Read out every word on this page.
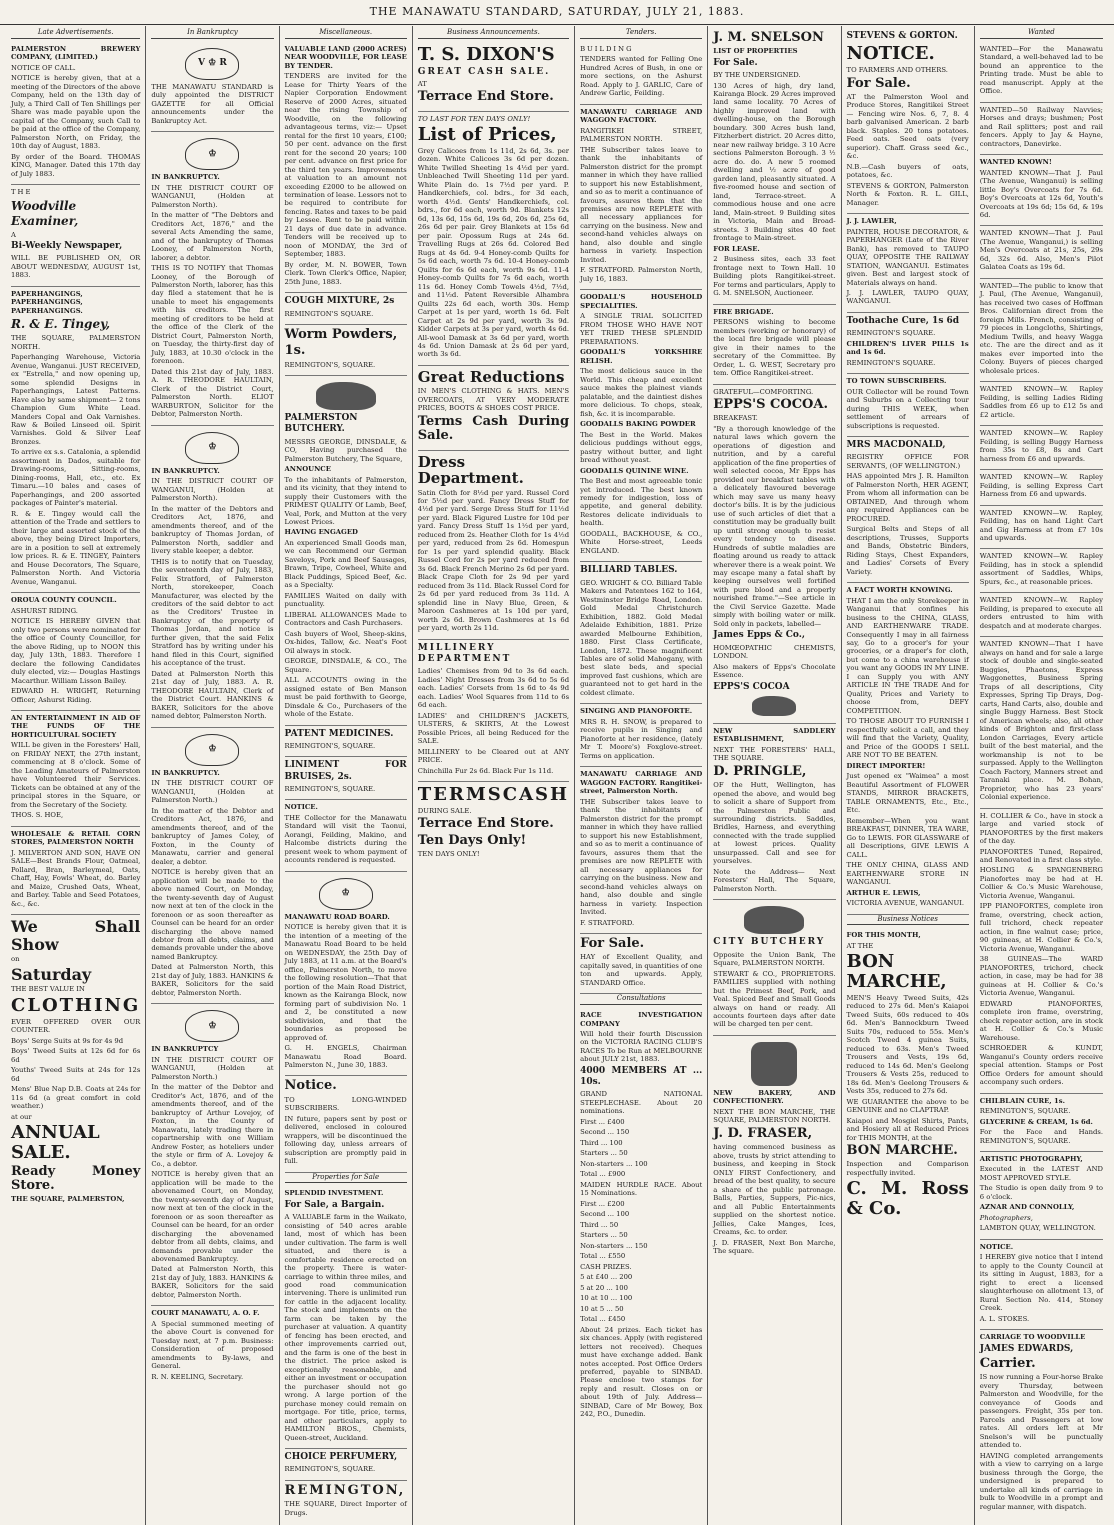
THE MANAWATU STANDARD, SATURDAY, JULY 21, 1883.
Late Advertisements.

PALMERSTON BREWERY COMPANY, (LIMITED.)

NOTICE OF CALL.

NOTICE is hereby given, that at a meeting of the Directors of the above Company, held on the 13th day of July, a Third Call of Ten Shillings per Share was made payable upon the capital of the Company, such Call to be paid at the office of the Company, Palmerston North, on Friday, the 10th day of August, 1883.

By order of the Board. THOMAS KING, Manager. Dated this 17th day of July 1883.

THE

Woodville Examiner,

A

Bi-Weekly Newspaper,

WILL BE PUBLISHED ON, OR ABOUT WEDNESDAY, AUGUST 1st, 1883.

PAPERHANGINGS, PAPERHANGINGS, PAPERHANGINGS.

R. & E. Tingey,

THE SQUARE, PALMERSTON NORTH.

Paperhanging Warehouse, Victoria Avenue, Wanganui. JUST RECEIVED, ex "Estrella," and now opening up, some splendid Designs in Paperhangings, Latest Patterns. Have also by same shipment— 2 tons Champion Gum White Lead. Manders Copal and Oak Varnishes. Raw & Boiled Linseed oil. Spirit Varnishes. Gold & Silver Leaf Bronzes.

To arrive ex s.s. Catalonia, a splendid assortment in Dados, suitable for Drawing-rooms, Sitting-rooms, Dining-rooms, Hall, etc., etc. Ex Timaru.—10 bales and cases of Paperhangings, and 200 assorted packages of Painter's material.

R. & E. Tingey would call the attention of the Trade and settlers to their large and assorted stock of the above, they being Direct Importers, are in a position to sell at extremely low prices. R. & E. TINGEY, Painters and House Decorators, The Square, Palmerston North. And Victoria Avenue, Wanganui.

OROUA COUNTY COUNCIL.

ASHURST RIDING.

NOTICE IS HEREBY GIVEN that only two persons were nominated for the office of County Councillor, for the above Riding, up to NOON this day, July 13th, 1883. Therefore I declare the following Candidates duly elected, viz:— Douglas Hastings Macarthur. William Lisson Bailey.

EDWARD H. WRIGHT, Returning Officer, Ashurst Riding.

AN ENTERTAINMENT IN AID OF THE FUNDS OF THE HORTICULTURAL SOCIETY

WILL be given in the Foresters' Hall, on FRIDAY NEXT, the 27th instant, commencing at 8 o'clock. Some of the Leading Amateurs of Palmerston have Volunteered their Services. Tickets can be obtained at any of the principal stores in the Square, or from the Secretary of the Society.

THOS. S. HOE,

WHOLESALE & RETAIL CORN STORES, PALMERSTON NORTH

J. MILVERTON AND SON, HAVE ON SALE—Best Brands Flour, Oatmeal, Pollard, Bran, Barleymeal, Oats, Chaff, Hay, Fowls' Wheat, do. Barley and Maize, Crushed Oats, Wheat, and Barley. Table and Seed Potatoes, &c., &c.

We Shall Show

on

Saturday

THE BEST VALUE IN

CLOTHING

EVER OFFERED OVER OUR COUNTER.

Boys' Serge Suits at 9s for 4s 9d

Boys' Tweed Suits at 12s 6d for 6s 6d

Youths' Tweed Suits at 24s for 12s 6d

Mens' Blue Nap D.B. Coats at 24s for 11s 6d (a great comfort in cold weather.)

at our

ANNUAL SALE.

Ready Money Store.

THE SQUARE, PALMERSTON,

In Bankruptcy
V ♔ R

THE MANAWATU STANDARD is duly appointed the DISTRICT GAZETTE for all Official announcements under the Bankruptcy Act.

♔

IN BANKRUPTCY.

IN THE DISTRICT COURT OF WANGANUI, (Holden at Palmerston North).

In the matter of "The Debtors and Creditors Act, 1876," and the several Acts Amending the same, and of the bankruptcy of Thomas Looney, of Palmerston North, laborer, a debtor.

THIS IS TO NOTIFY that Thomas Looney, of the Borough of Palmerston North, laborer, has this day filed a statement that he is unable to meet his engagements with his creditors. The first meeting of creditors to be held at the office of the Clerk of the District Court, Palmerston North, on Tuesday, the thirty-first day of July, 1883, at 10.30 o'clock in the forenoon.

Dated this 21st day of July, 1883. A. R. THEODORE HAULTAIN, Clerk of the District Court, Palmerston North. ELIOT WARBURTON, Solicitor for the Debtor, Palmerston North.

♔

IN BANKRUPTCY.

IN THE DISTRICT COURT OF WANGANUI, (Holden at Palmerston North).

In the matter of the Debtors and Creditors Act, 1876, and amendments thereof, and of the bankruptcy of Thomas Jordan, of Palmerston North, saddler and livery stable keeper, a debtor.

THIS is to notify that on Tuesday, the seventeenth day of July, 1883, Felix Stratford, of Palmerston North, storekeeper, Coach Manufacturer, was elected by the creditors of the said debtor to act as the Creditors' Trustee in Bankruptcy of the property of Thomas Jordan, and notice is further given, that the said Felix Stratford has by writing under his hand filed in this Court, signified his acceptance of the trust.

Dated at Palmerston North this 21st day of July, 1883. A. R. THEODORE HAULTAIN, Clerk of the District Court. HANKINS & BAKER, Solicitors for the above named debtor, Palmerston North.

♔

IN BANKRUPTCY.

IN THE DISTRICT COURT OF WANGANUI, (Holden at Palmerston North.)

In the matter of the Debtor and Creditors Act, 1876, and amendments thereof, and of the bankruptcy of James Coley, of Foxton, in the County of Manawatu, carrier and general dealer, a debtor.

NOTICE is hereby given that an application will be made to the above named Court, on Monday, the twenty-seventh day of August now next at ten of the clock in the forenoon or as soon thereafter as Counsel can be heard for an order discharging the above named debtor from all debts, claims, and demands provable under the above named Bankruptcy.

Dated at Palmerston North, this 21st day of July, 1883. HANKINS & BAKER, Solicitors for the said debtor, Palmerston North.

♔

IN BANKRUPTCY

IN THE DISTRICT COURT OF WANGANUI, (Holden at Palmerston North.)

In the matter of the Debtor and Creditor's Act, 1876, and of the amendments thereof, and of the bankruptcy of Arthur Lovejoy, of Foxton, in the County of Manawatu, lately trading there in copartnership with one William Andrew Foster, as hoteliers under the style or firm of A. Lovejoy & Co., a debtor.

NOTICE is hereby given that an application will be made to the abovenamed Court, on Monday, the twenty-seventh day of August, now next at ten of the clock in the forenoon or as soon thereafter as Counsel can be heard, for an order discharging the abovenamed debtor from all debts, claims, and demands provable under the abovenamed Bankruptcy.

Dated at Palmerston North, this 21st day of July, 1883. HANKINS & BAKER, Solicitors for the said debtor, Palmerston North.

COURT MANAWATU, A. O. F.

A Special summoned meeting of the above Court is convened for Tuesday next, at 7 p.m. Business: Consideration of proposed amendments to By-laws, and General.

R. N. KEELING, Secretary.

Miscellaneous.

VALUABLE LAND (2000 ACRES) NEAR WOODVILLE, FOR LEASE BY TENDER.

TENDERS are invited for the Lease for Thirty Years of the Napier Corporation Endowment Reserve of 2000 Acres, situated near the rising Township of Woodville, on the following advantageous terms, viz:— Upset rental for the first 10 years, £100; 50 per cent. advance on the first rent for the second 20 years; 100 per cent. advance on first price for the third ten years. Improvements at valuation to an amount not exceeding £2000 to be allowed on termination of lease. Lessors not to be required to contribute for fencing. Rates and taxes to be paid by Lessee. Rent to be paid within 21 days of due date in advance. Tenders will be received up to noon of MONDAY, the 3rd of September, 1883.

By order, M. N. BOWER, Town Clerk. Town Clerk's Office, Napier, 25th June, 1883.

COUGH MIXTURE, 2s

REMINGTON'S SQUARE.

Worm Powders,

1s.

REMINGTON'S, SQUARE.

PALMERSTON BUTCHERY.

MESSRS GEORGE, DINSDALE, & CO, Having purchased the Palmerston Butchery, The Square,

ANNOUNCE

To the inhabitants of Palmerston, and its vicinity, that they intend to supply their Customers with the PRIMEST QUALITY Of Lamb, Beef, Veal, Pork, and Mutton at the very Lowest Prices.

HAVING ENGAGED

An experienced Small Goods man, we can Recommend our German Saveloys, Pork and Beef Sausages, Brawn, Tripe, Cowheel, White and Black Puddings, Spiced Beef, &c. as a Specialty.

FAMILIES Waited on daily with punctuality.

LIBERAL ALLOWANCES Made to Contractors and Cash Purchasers.

Cash buyers of Wool, Sheep-skins, Ox-hides, Tallow, &c. Neat's Foot Oil always in stock.

GEORGE, DINSDALE, & CO., The Square.

ALL ACCOUNTS owing in the assigned estate of Ben Manson must be paid forthwith to George, Dinsdale & Co., Purchasers of the whole of the Estate.

PATENT MEDICINES.

REMINGTON'S, SQUARE.

LINIMENT FOR BRUISES, 2s.

REMINGTON'S, SQUARE.

NOTICE.

THE Collector for the Manawatu Standard will visit the Taonui, Aorangi, Feilding, Makino, and Halcombe districts during the present week to whom payment of accounts rendered is requested.

♔

MANAWATU ROAD BOARD.

NOTICE is hereby given that it is the intention of a meeting of the Manawatu Road Board to be held on WEDNESDAY, the 25th Day of July 1883, at 11 a.m. at the Board's office, Palmerston North, to move the following resolution—That that portion of the Main Road District, known as the Kairanga Block, now forming part of subdivision No. 1 and 2, be constituted a new subdivision, and that the boundaries as proposed be approved of.

G. H. ENGELS, Chairman Manawatu Road Board. Palmerston N., June 30, 1883.

Notice.

TO LONG-WINDED SUBSCRIBERS.

IN future, papers sent by post or delivered, enclosed in coloured wrappers, will be discontinued the following day, unless arrears of subscription are promptly paid in full.

Properties for Sale

SPLENDID INVESTMENT.

For Sale, a Bargain.

A VALUABLE farm in the Waikato, consisting of 540 acres arable land, most of which has been under cultivation. The farm is well situated, and there is a comfortable residence erected on the property. There is water-carriage to within three miles, and good road communication intervening. There is unlimited run for cattle in the adjacent locality. The stock and implements on the farm can be taken by the purchaser at valuation. A quantity of fencing has been erected, and other improvements carried out, and the farm is one of the best in the district. The price asked is exceptionally reasonable, and either an investment or occupation the purchaser should not go wrong. A large portion of the purchase money could remain on mortgage. For title, price, terms, and other particulars, apply to HAMILTON BROS., Chemists, Queen-street, Auckland.

CHOICE PERFUMERY,

REMINGTON'S, SQUARE.

REMINGTON,

THE SQUARE, Direct Importer of Drugs.

Business Announcements.

T. S. DIXON'S

GREAT CASH SALE.

AT

Terrace End Store.

TO LAST FOR TEN DAYS ONLY!

List of Prices,

Grey Calicoes from 1s 11d, 2s 6d, 3s. per dozen. White Calicoes 3s 6d per dozen. White Twilled Sheeting 1s 4½d per yard. Unbleached Twill Sheeting 11d per yard. White Plain do. 1s 7½d per yard. P. Handkerchiefs, col. bdrs., for 3d each, worth 4½d. Gents' Handkerchiefs, col. bdrs., for 6d each, worth 9d. Blankets 12s 6d, 13s 6d, 15s 6d, 19s 6d, 20s 6d, 25s 6d, 26s 6d per pair. Grey Blankets at 15s 6d per pair. Opossum Rugs at 24s 6d. Travelling Rugs at 26s 6d. Colored Bed Rugs at 4s 6d. 9-4 Honey-comb Quilts for 5s 6d each, worth 7s 6d. 10-4 Honey-comb Quilts for 6s 6d each, worth 9s 6d. 11-4 Honey-comb Quilts for 7s 6d each, worth 11s 6d. Honey Comb Towels 4½d, 7½d, and 11½d. Patent Reversible Alhambra Quilts 22s 6d each, worth 30s. Hemp Carpet at 1s per yard, worth 1s 6d. Felt Carpet at 2s 9d per yard, worth 3s 9d. Kidder Carpets at 3s per yard, worth 4s 6d. All-wool Damask at 3s 6d per yard, worth 4s 6d. Union Damask at 2s 6d per yard, worth 3s 6d.

Great Reductions

IN MEN'S CLOTHING & HATS. MEN'S OVERCOATS, AT VERY MODERATE PRICES, BOOTS & SHOES COST PRICE.

Terms Cash During Sale.

Dress Department.

Satin Cloth for 8½d per yard. Russel Cord for 5½d per yard. Fancy Dress Stuff for 4½d per yard. Serge Dress Stuff for 11½d per yard. Black Figured Lustre for 10d per yard. Fancy Dress Stuff 1s 1½d per yard, reduced from 2s. Heather Cloth for 1s 4½d per yard, reduced from 2s 6d. Homespun for 1s per yard splendid quality. Black Russel Cord for 2s per yard reduced from 3s 6d. Black French Merino 2s 6d per yard. Black Crape Cloth for 2s 9d per yard reduced from 3s 11d. Black Russel Cord for 2s 6d per yard reduced from 3s 11d. A splendid line in Navy Blue, Green, & Maroon Cashmeres at 1s 10d per yard, worth 2s 6d. Brown Cashmeres at 1s 6d per yard, worth 2s 11d.

MILLINERY DEPARTMENT

Ladies' Chemises from 9d to 3s 6d each. Ladies' Night Dresses from 3s 6d to 5s 6d each. Ladies' Corsets from 1s 6d to 4s 9d each. Ladies' Wool Squares from 11d to 6s 6d each.

LADIES' and CHILDREN'S JACKETS, ULSTERS, & SKIRTS, At the Lowest Possible Prices, all being Reduced for the SALE.

MILLINERY to be Cleared out at ANY PRICE.

Chinchilla Fur 2s 6d. Black Fur 1s 11d.

TERMSCASH

DURING SALE.

Terrace End Store.

Ten Days Only!

TEN DAYS ONLY!

Tenders.

BUILDING

TENDERS wanted for Felling One Hundred Acres of Bush, in one or more sections, on the Ashurst Road. Apply to J. GARLIC, Care of Andrew Garlic, Feilding.

MANAWATU CARRIAGE AND WAGGON FACTORY.

RANGITIKEI STREET, PALMERSTON NORTH.

THE Subscriber takes leave to thank the inhabitants of Palmerston district for the prompt manner in which they have rallied to support his new Establishment, and so as to merit a continuance of favours, assures them that the premises are now REPLETE with all necessary appliances for carrying on the business. New and second-hand vehicles always on hand, also double and single harness in variety. Inspection Invited.

F. STRATFORD. Palmerston North, July 16, 1883.

GOODALL'S HOUSEHOLD SPECIALITIES.

A SINGLE TRIAL SOLICITED FROM THOSE WHO HAVE NOT YET TRIED THESE SPLENDID PREPARATIONS.

GOODALL'S YORKSHIRE RELISH.

The most delicious sauce in the World. This cheap and excellent sauce makes the plainest viands palatable, and the daintiest dishes more delicious. To chops, steak, fish, &c. it is incomparable.

GOODALLS BAKING POWDER

The Best in the World. Makes delicious puddings without eggs, pastry without butter, and light bread without yeast.

GOODALLS QUININE WINE.

The Best and most agreeable tonic yet introduced. The best known remedy for indigestion, loss of appetite, and general debility. Restores delicate individuals to health.

GOODALL, BACKHOUSE, & CO., White Horse-street, Leeds ENGLAND.

BILLIARD TABLES.

GEO. WRIGHT & CO. Billiard Table Makers and Patentees 162 to 164, Westminster Bridge Road, London. Gold Medal Christchurch Exhibition, 1882. Gold Medal Adelaide Exhibition, 1881. Prize awarded Melbourne Exhibition, 1880. First Class Certificate, London, 1872. These magnificent Tables are of solid Mahogany, with best slate beds, and special improved fast cushions, which are guaranteed not to get hard in the coldest climate.

SINGING AND PIANOFORTE.

MRS R. H. SNOW, is prepared to receive pupils in Singing and Pianoforte at her residence, (lately Mr T. Moore's) Foxglove-street. Terms on application.

MANAWATU CARRIAGE AND WAGGON FACTORY. Rangitikei-street, Palmerston North.

THE Subscriber takes leave to thank the inhabitants of Palmerston district for the prompt manner in which they have rallied to support his new Establishment, and so as to merit a continuance of favours, assures them that the premises are now REPLETE with all necessary appliances for carrying on the business. New and second-hand vehicles always on hand, also double and single harness in variety. Inspection Invited.

F. STRATFORD.

For Sale.

HAY of Excellent Quality, and capitally saved, in quantities of one ton and upwards. Apply, STANDARD Office.

Consultations

RACE INVESTIGATION COMPANY

Will hold their fourth Discussion on the VICTORIA RACING CLUB'S RACES To be Run at MELBOURNE about JULY 21st, 1883.

4000 MEMBERS AT ... 10s.

GRAND NATIONAL STEEPLECHASE. About 20 nominations.

First ... £400

Second ... 150

Third ... 100

Starters ... 50

Non-starters ... 100

Total ... £900

MAIDEN HURDLE RACE. About 15 Nominations.

First ... £200

Second ... 100

Third ... 50

Starters ... 50

Non-starters ... 150

Total ... £550

CASH PRIZES.

5 at £40 ... 200

5 at 20 ... 100

10 at 10 ... 100

10 at 5 ... 50

Total ... £450

About 24 prizes. Each ticket has six chances. Apply (with registered letters not received). Cheques must have exchange added. Bank notes accepted. Post Office Orders preferred, payable to SINBAD. Please enclose two stamps for reply and result. Closes on or about 19th of July. Address—SINBAD, Care of Mr Bowey, Box 242, P.O., Dunedin.

J. M. SNELSON

LIST OF PROPERTIES

For Sale.

BY THE UNDERSIGNED.

130 Acres of high, dry land, Kairanga Block. 29 Acres improved land same locality. 70 Acres of highly improved land with dwelling-house, on the Borough boundary. 300 Acres bush land, Fitzherbert district. 20 Acres ditto, near new railway bridge. 3 10 Acre sections Palmerston Borough. 3 ½ acre do. do. A new 5 roomed dwelling and ½ acre of good garden land, pleasantly situated. A five-roomed house and section of land, Terrace-street. A commodious house and one acre land, Main-street. 9 Building sites in Victoria, Main and Broad-streets. 3 Building sites 40 feet frontage to Main-street.

FOR LEASE.

2 Business sites, each 33 feet frontage next to Town Hall. 10 Building plots Rangitikei-street. For terms and particulars, Apply to G. M. SNELSON, Auctioneer.

FIRE BRIGADE.

PERSONS wishing to become members (working or honorary) of the local fire brigade will please give in their names to the secretary of the Committee. By Order, L. G. WEST, Secretary pro tem. Office Rangitikei-street.

GRATEFUL—COMFORTING.

EPPS'S COCOA.

BREAKFAST.

"By a thorough knowledge of the natural laws which govern the operations of digestion and nutrition, and by a careful application of the fine properties of well selected cocoa, Mr Epps has provided our breakfast tables with a delicately flavoured beverage which may save us many heavy doctor's bills. It is by the judicious use of such articles of diet that a constitution may be gradually built up until strong enough to resist every tendency to disease. Hundreds of subtle maladies are floating around us ready to attack wherever there is a weak point. We may escape many a fatal shaft by keeping ourselves well fortified with pure blood and a properly nourished frame."—See article in the Civil Service Gazette. Made simply with boiling water or milk. Sold only in packets, labelled—

James Epps & Co.,

HOMŒOPATHIC CHEMISTS, LONDON.

Also makers of Epps's Chocolate Essence.

EPPS'S COCOA

NEW SADDLERY ESTABLISHMENT,

NEXT THE FORESTERS' HALL, THE SQUARE.

D. PRINGLE,

OF the Hutt, Wellington, has opened the above, and would beg to solicit a share of Support from the Palmerston Public and surrounding districts. Saddles, Bridles, Harness, and everything connected with the trade supplied at lowest prices. Quality unsurpassed. Call and see for yourselves.

Note the Address— Next Foresters' Hall, The Square, Palmerston North.

CITY BUTCHERY

Opposite the Union Bank, The Square, PALMERSTON NORTH.

STEWART & CO., PROPRIETORS. FAMILIES supplied with nothing but the Primest Beef, Pork, and Veal. Spiced Beef and Small Goods always on hand or ready. All accounts fourteen days after date will be charged ten per cent.

NEW BAKERY, AND CONFECTIONERY.

NEXT THE BON MARCHE, THE SQUARE, PALMERSTON NORTH.

J. D. FRASER,

having commenced business as above, trusts by strict attending to business, and keeping in Stock ONLY FIRST Confectionery, and bread of the best quality, to secure a share of the public patronage. Balls, Parties, Suppers, Pic-nics, and all Public Entertainments supplied on the shortest notice. Jellies, Cake Manges, Ices, Creams, &c. to order.

J. D. FRASER, Next Bon Marche, The square.

STEVENS & GORTON.

NOTICE.

TO FARMERS AND OTHERS.

For Sale.

AT the Palmerston Wool and Produce Stores, Rangitikei Street — Fencing wire Nos. 6, 7, 8. 4 barb galvanised American. 2 barb black. Staples. 20 tons potatoes. Feed oats. Seed oats (very superior). Chaff. Grass seed &c., &c.

N.B.—Cash buyers of oats, potatoes, &c.

STEVENS & GORTON, Palmerston North & Foxton. R. L. GILL, Manager.

J. J. LAWLER,

PAINTER, HOUSE DECORATOR, & PAPERHANGER (Late of the River Bank), has removed to TAUPO QUAY, OPPOSITE THE RAILWAY STATION, WANGANUI. Estimates given. Best and largest stock of Materials always on hand.

J. J. LAWLER, TAUPO QUAY, WANGANUI.

Toothache Cure, 1s 6d

REMINGTON'S SQUARE.

CHILDREN'S LIVER PILLS 1s and 1s 6d.

REMINGTON'S SQUARE.

TO TOWN SUBSCRIBERS.

OUR Collector will be round Town and Suburbs on a Collecting tour during THIS WEEK, when settlement of arrears of subscriptions is requested.

MRS MACDONALD,

REGISTRY OFFICE FOR SERVANTS, (OF WELLINGTON.)

HAS appointed Mrs J. R. Hamilton of Palmerston North, HER AGENT, From whom all information can be OBTAINED, And through whom any required Appliances can be PROCURED.

Surgical Belts and Steps of all descriptions, Trusses, Supports and Bands, Obstetric Binders, Riding Stays, Chest Expanders, and Ladies' Corsets of Every Variety.

A FACT WORTH KNOWING.

THAT I am the only Storekeeper in Wanganui that confines his business to the CHINA, GLASS, AND EARTHENWARE TRADE. Consequently I may in all fairness say, Go to a grocer's for your groceries, or a draper's for cloth, but come to a china warehouse if you want any GOODS IN MY LINE. I can Supply you with ANY ARTICLE IN THE TRADE And for Quality, Prices and Variety to choose from, DEFY COMPETITION.

TO THOSE ABOUT TO FURNISH I respectfully solicit a call, and they will find that the Variety, Quality, and Price of the GOODS I SELL ARE NOT TO BE BEATEN.

DIRECT IMPORTER!

Just opened ex "Waimea" a most Beautiful Assortment of FLOWER STANDS, MIRROR BRACKETS, TABLE ORNAMENTS, Etc., Etc., Etc.

Remember—When you want BREAKFAST, DINNER, TEA WARE, Go to LEWIS. FOR GLASSWARE of all Descriptions, GIVE LEWIS A CALL.

THE ONLY CHINA, GLASS AND EARTHENWARE STORE IN WANGANUI.

ARTHUR E. LEWIS,

VICTORIA AVENUE, WANGANUI.

Business Notices

FOR THIS MONTH,

AT THE

BON MARCHE,

MEN'S Heavy Tweed Suits, 42s reduced to 27s 6d. Men's Kaiapoi Tweed Suits, 60s reduced to 40s 6d. Men's Bannockburn Tweed Suits 70s, reduced to 55s. Men's Scotch Tweed 4 guinea Suits, reduced to 63s. Men's Tweed Trousers and Vests, 19s 6d, reduced to 14s 6d. Men's Geelong Trousers & Vests 25s, reduced to 18s 6d. Men's Geelong Trousers & Vests 35s, reduced to 27s 6d.

WE GUARANTEE the above to be GENUINE and no CLAPTRAP.

Kaiapoi and Mosgiel Shirts, Pants, and Hosiery all at Reduced Prices for THIS MONTH, at the

BON MARCHE.

Inspection and Comparison respectfully invited.

C. M. Ross & Co.

Wanted

WANTED—For the Manawatu Standard, a well-behaved lad to be bound an apprentice to the Printing trade. Must be able to read manuscript. Apply at the Office.

WANTED—50 Railway Navvies; Horses and drays; bushmen; Post and Rail splitters; post and rail fencers. Apply to Jay & Hayne, contractors, Danevirke.

WANTED KNOWN!

WANTED KNOWN—That J. Paul (The Avenue, Wanganui) is selling little Boy's Overcoats for 7s 6d. Boy's Overcoats at 12s 6d, Youth's Overcoats at 19s 6d; 15s 6d, & 19s 6d.

WANTED KNOWN—That J. Paul (The Avenue, Wanganui,) is selling Men's Overcoats at 21s, 25s, 29s 6d, 32s 6d. Also, Men's Pilot Galatea Coats as 19s 6d.

WANTED—The public to know that J. Paul, (The Avenue, Wanganui), has received two cases of Hoffman Bros. Californian direct from the foreign Mills. French, consisting of 79 pieces in Longcloths, Shirtings, Medium Twills, and heavy Wagga etc. The are the direct and as it makes ever imported into the Colony. Buyers of pieces charged wholesale prices.

WANTED KNOWN—W. Rapley Feilding, is selling Ladies Riding Saddles from £6 up to £12 5s and £2 article.

WANTED KNOWN—W. Rapley Feilding, is selling Buggy Harness from 35s to £8, 8s and Cart harness from £6 and upwards.

WANTED KNOWN—W. Rapley Feilding, is selling Express Cart Harness from £6 and upwards.

WANTED KNOWN—W. Rapley, Feilding, has on hand Light Cart and Gig Harness at from £7 10s and upwards.

WANTED KNOWN—W. Rapley Feilding, has in stock a splendid assortment of Saddles, Whips, Spurs, &c., at reasonable prices.

WANTED KNOWN—W. Rapley Feilding, is prepared to execute all orders entrusted to him with despatch and at moderate charges.

WANTED KNOWN—That I have always on hand and for sale a large stock of double and single-seated Buggies, Phaetons, Express Waggonettes, Business Spring Traps of all descriptions, City Expresses, Spring Tip Drays, Dog-carts, Hand Carts, also, double and single Buggy Harness. Best Stock of American wheels; also, all other kinds of Brighton and first-class London Carriages, Every article built of the best material, and the workmanship is not to be surpassed. Apply to the Wellington Coach Factory, Manners street and Taranaki place. M. Bohan, Proprietor, who has 23 years' Colonial experience.

H. COLLIER & Co., have in stock a large and varied stock of PIANOFORTES by the first makers of the day.

PIANOFORTES Tuned, Repaired, and Renovated in a first class style.

HOSLING & SPANGENBERG Pianofortes may be had at H. Collier & Co.'s Music Warehouse, Victoria Avenue, Wanganui.

IPP PIANOFORTES, complete iron frame, overstring, check action, full trichord, check repeater action, in fine walnut case; price, 90 guineas, at H. Collier & Co.'s, Victoria Avenue, Wanganui.

38 GUINEAS—The WARD PIANOFORTES, trichord, check action, in case, may be had for 38 guineas at H. Collier & Co.'s Victoria Avenue, Wanganui.

EDWARD PIANOFORTES, complete iron frame, overstring, check repeater action, are in stock at H. Collier & Co.'s Music Warehouse.

SCHROEDER & KUNDT, Wanganui's County orders receive special attention. Stamps or Post Office Orders for amount should accompany such orders.

CHILBLAIN CURE, 1s.

REMINGTON'S, SQUARE.

GLYCERINE & CREAM, 1s 6d.

For the Face and Hands. REMINGTON'S, SQUARE.

ARTISTIC PHOTOGRAPHY,

Executed in the LATEST AND MOST APPROVED STYLE.

The Studio is open daily from 9 to 6 o'clock.

AZNAR AND CONNOLLY,

Photographers,

LAMBTON QUAY, WELLINGTON.

NOTICE.

I HEREBY give notice that I intend to apply to the County Council at its sitting in August, 1883, for a right to erect a licensed slaughterhouse on allotment 13, of Rural Section No. 414, Stoney Creek.

A. L. STOKES.

CARRIAGE TO WOODVILLE

JAMES EDWARDS,

Carrier.

IS now running a Four-horse Brake every Thursday, between Palmerston and Woodville, for the conveyance of Goods and passengers. Freight, 35s per ton. Parcels and Passengers at low rates. All orders left at Mr Snelson's will be punctually attended to.

HAVING completed arrangements with a view to carrying on a large business through the Gorge, the undersigned is prepared to undertake all kinds of carriage in bulk to Woodville in a prompt and regular manner, with dispatch.
